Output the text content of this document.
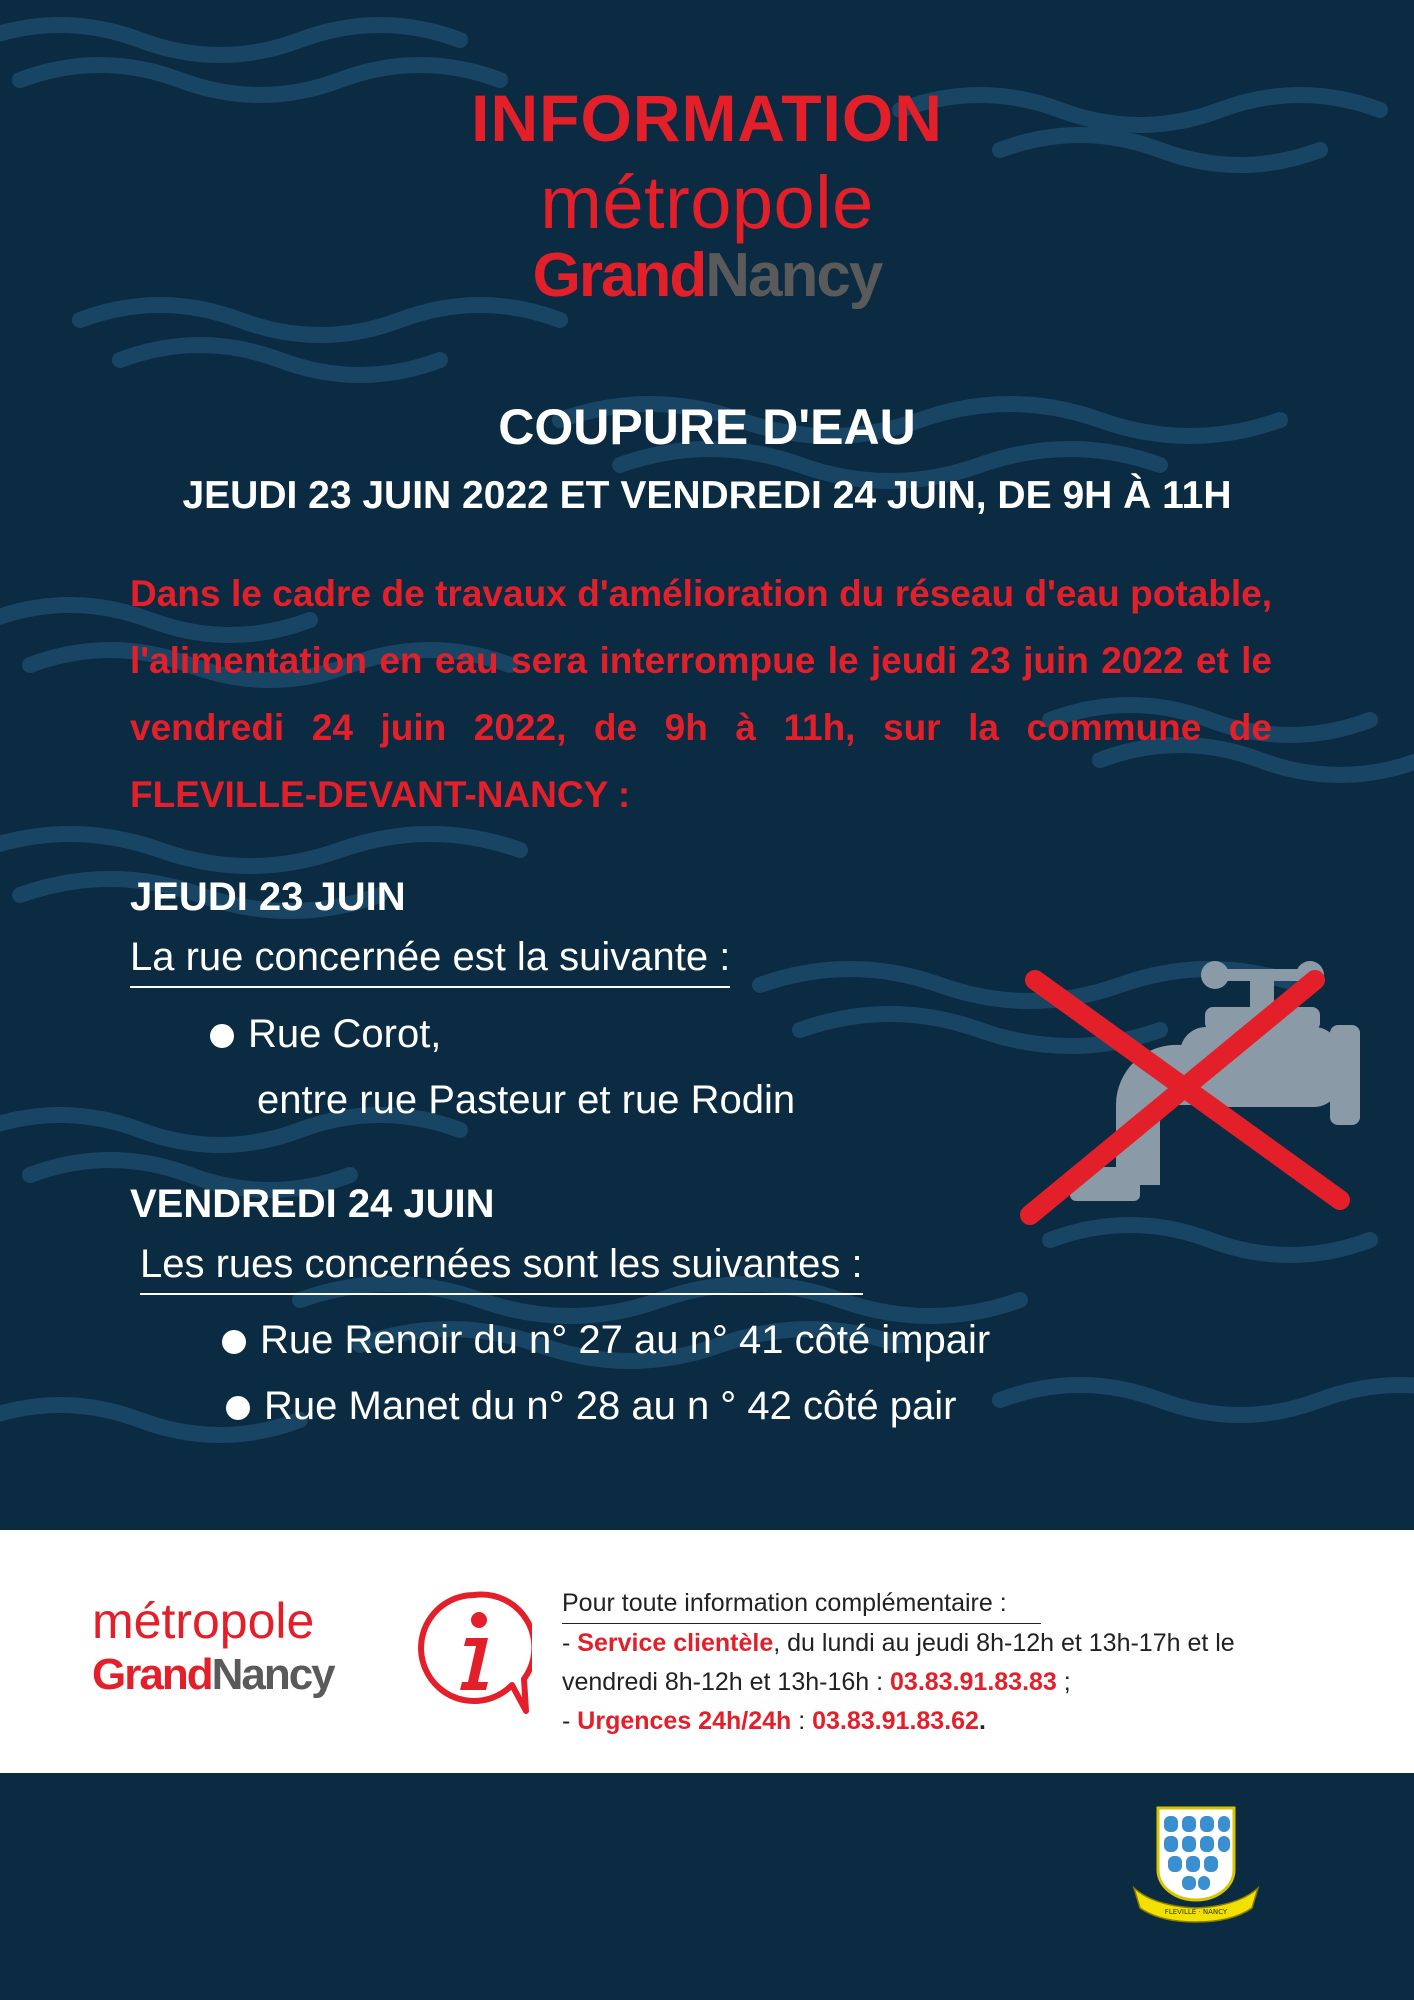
INFORMATION
métropole
GrandNancy
COUPURE D'EAU
JEUDI 23 JUIN 2022 ET VENDREDI 24 JUIN, DE 9H À 11H
Dans le cadre de travaux d'amélioration du réseau d'eau potable, l'alimentation en eau sera interrompue le jeudi 23 juin 2022 et le vendredi 24 juin 2022, de 9h à 11h, sur la commune de FLEVILLE-DEVANT-NANCY :
JEUDI 23 JUIN
La rue concernée est la suivante :
Rue Corot,
entre rue Pasteur et rue Rodin
VENDREDI 24 JUIN
Les rues concernées sont les suivantes :
Rue Renoir du n° 27 au n° 41 côté impair
Rue Manet du n° 28 au n ° 42 côté pair
métropole
GrandNancy
Pour toute information complémentaire :
- Service clientèle, du lundi au jeudi 8h-12h et 13h-17h et le vendredi 8h-12h et 13h-16h : 03.83.91.83.83 ;
- Urgences 24h/24h : 03.83.91.83.62.
FLEVILLE · NANCY
